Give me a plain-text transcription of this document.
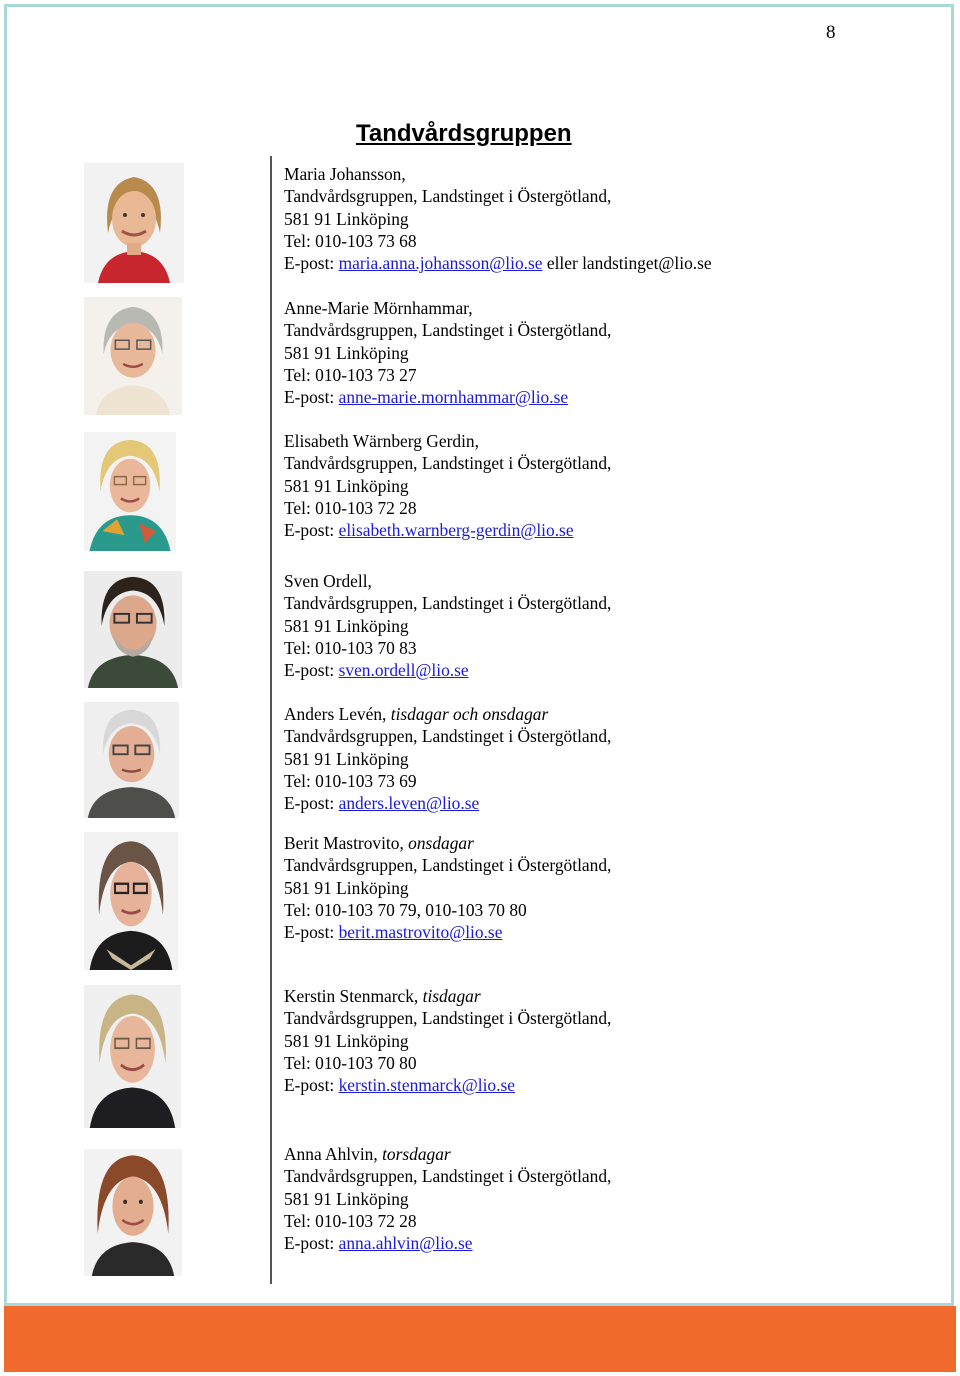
8
Tandvårdsgruppen
Maria Johansson,
Tandvårdsgruppen, Landstinget i Östergötland,
581 91 Linköping
Tel: 010-103 73 68
E-post: maria.anna.johansson@lio.se eller landstinget@lio.se
Anne-Marie Mörnhammar,
Tandvårdsgruppen, Landstinget i Östergötland,
581 91 Linköping
Tel: 010-103 73 27
E-post: anne-marie.mornhammar@lio.se
Elisabeth Wärnberg Gerdin,
Tandvårdsgruppen, Landstinget i Östergötland,
581 91 Linköping
Tel: 010-103 72 28
E-post: elisabeth.warnberg-gerdin@lio.se
Sven Ordell,
Tandvårdsgruppen, Landstinget i Östergötland,
581 91 Linköping
Tel: 010-103 70 83
E-post: sven.ordell@lio.se
Anders Levén, tisdagar och onsdagar
Tandvårdsgruppen, Landstinget i Östergötland,
581 91 Linköping
Tel: 010-103 73 69
E-post: anders.leven@lio.se
Berit Mastrovito, onsdagar
Tandvårdsgruppen, Landstinget i Östergötland,
581 91 Linköping
Tel: 010-103 70 79, 010-103 70 80
E-post: berit.mastrovito@lio.se
Kerstin Stenmarck, tisdagar
Tandvårdsgruppen, Landstinget i Östergötland,
581 91 Linköping
Tel: 010-103 70 80
E-post: kerstin.stenmarck@lio.se
Anna Ahlvin, torsdagar
Tandvårdsgruppen, Landstinget i Östergötland,
581 91 Linköping
Tel: 010-103 72 28
E-post: anna.ahlvin@lio.se
